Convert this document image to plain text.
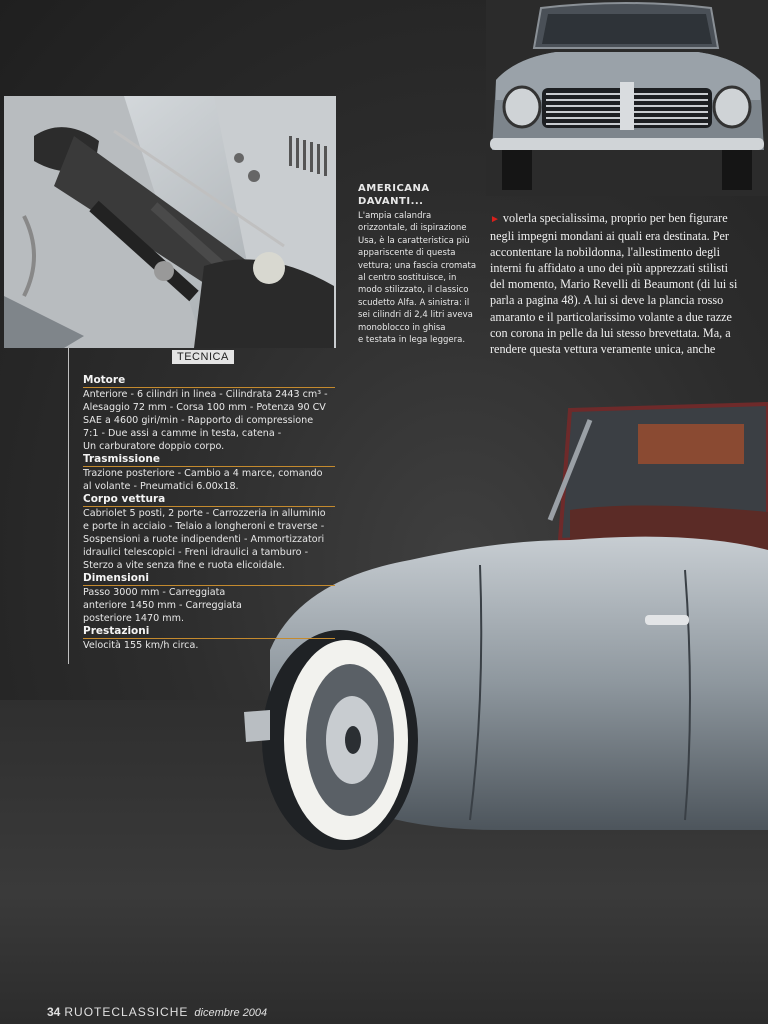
AMERICANA
DAVANTI...

L'ampia calandra
orizzontale, di ispirazione
Usa, è la caratteristica più
appariscente di questa
vettura; una fascia cromata
al centro sostituisce, in
modo stilizzato, il classico
scudetto Alfa. A sinistra: il
sei cilindri di 2,4 litri aveva
monoblocco in ghisa
e testata in lega leggera.

► volerla specialissima, proprio per ben figurare
negli impegni mondani ai quali era destinata. Per
accontentare la nobildonna, l'allestimento degli
interni fu affidato a uno dei più apprezzati stilisti
del momento, Mario Revelli di Beaumont (di lui si
parla a pagina 48). A lui si deve la plancia rosso
amaranto e il particolarissimo volante a due razze
con corona in pelle da lui stesso brevettata. Ma, a
rendere questa vettura veramente unica, anche
TECNICA
Motore
Anteriore - 6 cilindri in linea - Cilindrata 2443 cm³ -
Alesaggio 72 mm - Corsa 100 mm - Potenza 90 CV
SAE a 4600 giri/min - Rapporto di compressione
7:1 - Due assi a camme in testa, catena -
Un carburatore doppio corpo.
Trasmissione
Trazione posteriore - Cambio a 4 marce, comando
al volante - Pneumatici 6.00x18.
Corpo vettura
Cabriolet 5 posti, 2 porte - Carrozzeria in alluminio
e porte in acciaio - Telaio a longheroni e traverse -
Sospensioni a ruote indipendenti - Ammortizzatori
idraulici telescopici - Freni idraulici a tamburo -
Sterzo a vite senza fine e ruota elicoidale.
Dimensioni
Passo 3000 mm - Carreggiata
anteriore 1450 mm - Carreggiata
posteriore 1470 mm.
Prestazioni
Velocità 155 km/h circa.
34 RUOTECLASSICHE dicembre 2004
